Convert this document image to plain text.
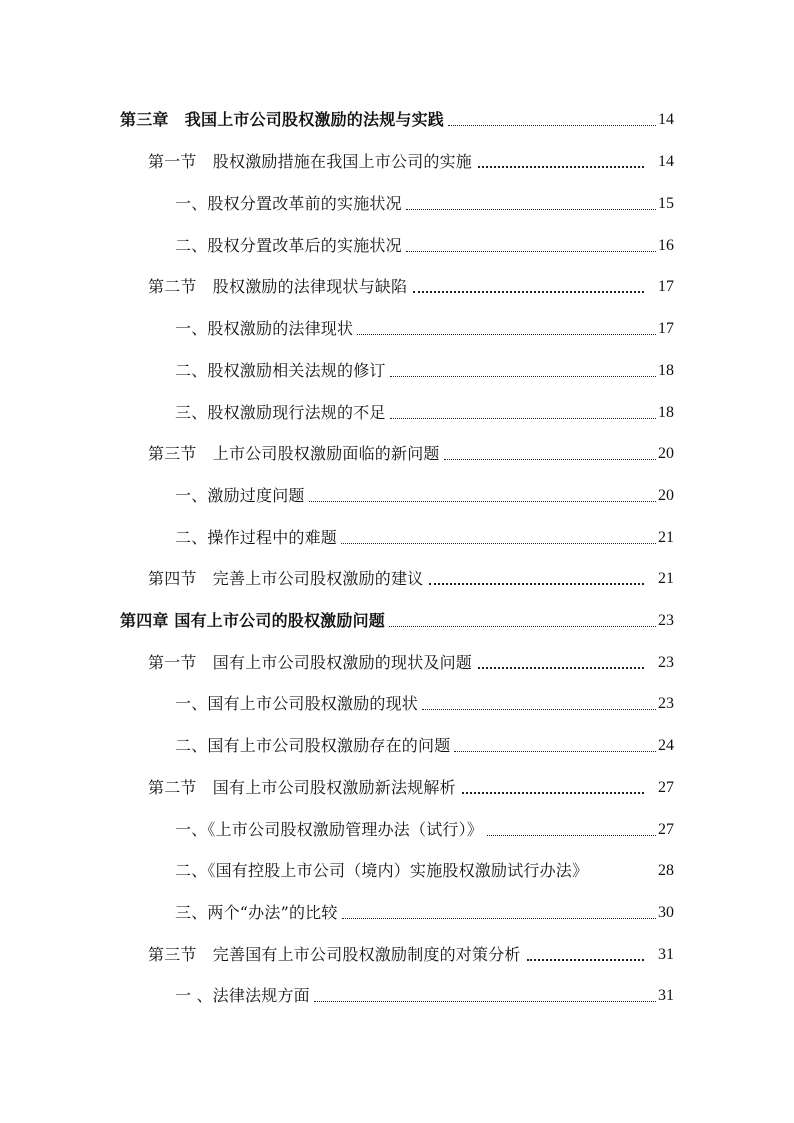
第三章　我国上市公司股权激励的法规与实践	14
第一节　股权激励措施在我国上市公司的实施	14
一、股权分置改革前的实施状况	15
二、股权分置改革后的实施状况	16
第二节　股权激励的法律现状与缺陷	17
一、股权激励的法律现状	17
二、股权激励相关法规的修订	18
三、股权激励现行法规的不足	18
第三节　上市公司股权激励面临的新问题	20
一、激励过度问题	20
二、操作过程中的难题	21
第四节　完善上市公司股权激励的建议	21
第四章 国有上市公司的股权激励问题	23
第一节　国有上市公司股权激励的现状及问题	23
一、国有上市公司股权激励的现状	23
二、国有上市公司股权激励存在的问题	24
第二节　国有上市公司股权激励新法规解析	27
一、《上市公司股权激励管理办法（试行）》	27
二、《国有控股上市公司（境内）实施股权激励试行办法》	28
三、两个“办法”的比较	30
第三节　完善国有上市公司股权激励制度的对策分析	31
一 、法律法规方面	31
